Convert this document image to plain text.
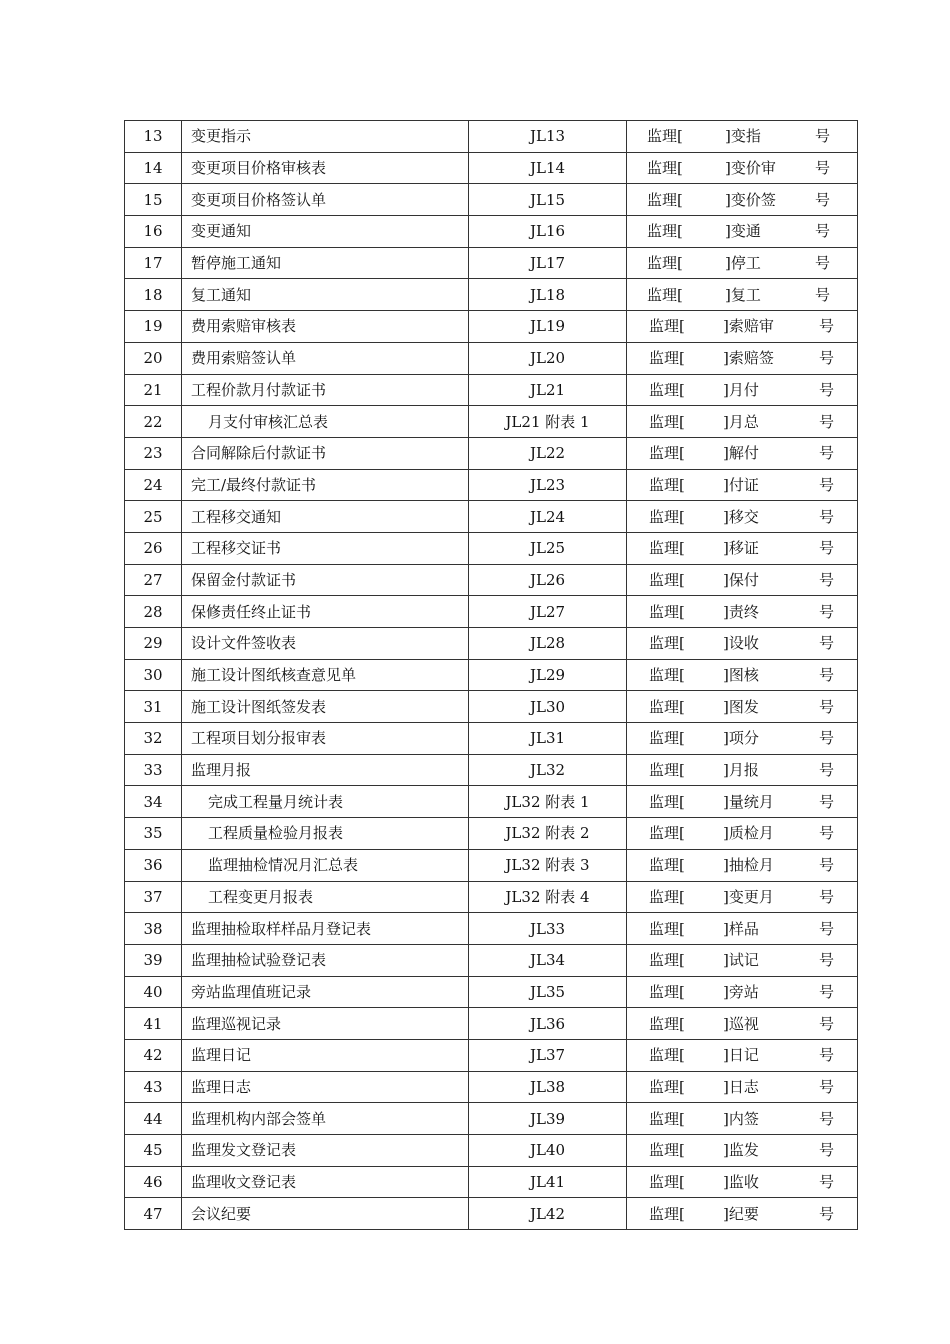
13	变更指示	JL13	监理[ ]变指 号

14	变更项目价格审核表	JL14	监理[ ]变价审 号

15	变更项目价格签认单	JL15	监理[ ]变价签 号

16	变更通知	JL16	监理[ ]变通 号

17	暂停施工通知	JL17	监理[ ]停工 号

18	复工通知	JL18	监理[ ]复工 号

19	费用索赔审核表	JL19	监理[ ]索赔审 号

20	费用索赔签认单	JL20	监理[ ]索赔签 号

21	工程价款月付款证书	JL21	监理[ ]月付 号

22	月支付审核汇总表	JL21 附表 1	监理[ ]月总 号

23	合同解除后付款证书	JL22	监理[ ]解付 号

24	完工/最终付款证书	JL23	监理[ ]付证 号

25	工程移交通知	JL24	监理[ ]移交 号

26	工程移交证书	JL25	监理[ ]移证 号

27	保留金付款证书	JL26	监理[ ]保付 号

28	保修责任终止证书	JL27	监理[ ]责终 号

29	设计文件签收表	JL28	监理[ ]设收 号

30	施工设计图纸核查意见单	JL29	监理[ ]图核 号

31	施工设计图纸签发表	JL30	监理[ ]图发 号

32	工程项目划分报审表	JL31	监理[ ]项分 号

33	监理月报	JL32	监理[ ]月报 号

34	完成工程量月统计表	JL32 附表 1	监理[ ]量统月 号

35	工程质量检验月报表	JL32 附表 2	监理[ ]质检月 号

36	监理抽检情况月汇总表	JL32 附表 3	监理[ ]抽检月 号

37	工程变更月报表	JL32 附表 4	监理[ ]变更月 号

38	监理抽检取样样品月登记表	JL33	监理[ ]样品 号

39	监理抽检试验登记表	JL34	监理[ ]试记 号

40	旁站监理值班记录	JL35	监理[ ]旁站 号

41	监理巡视记录	JL36	监理[ ]巡视 号

42	监理日记	JL37	监理[ ]日记 号

43	监理日志	JL38	监理[ ]日志 号

44	监理机构内部会签单	JL39	监理[ ]内签 号

45	监理发文登记表	JL40	监理[ ]监发 号

46	监理收文登记表	JL41	监理[ ]监收 号

47	会议纪要	JL42	监理[ ]纪要 号
